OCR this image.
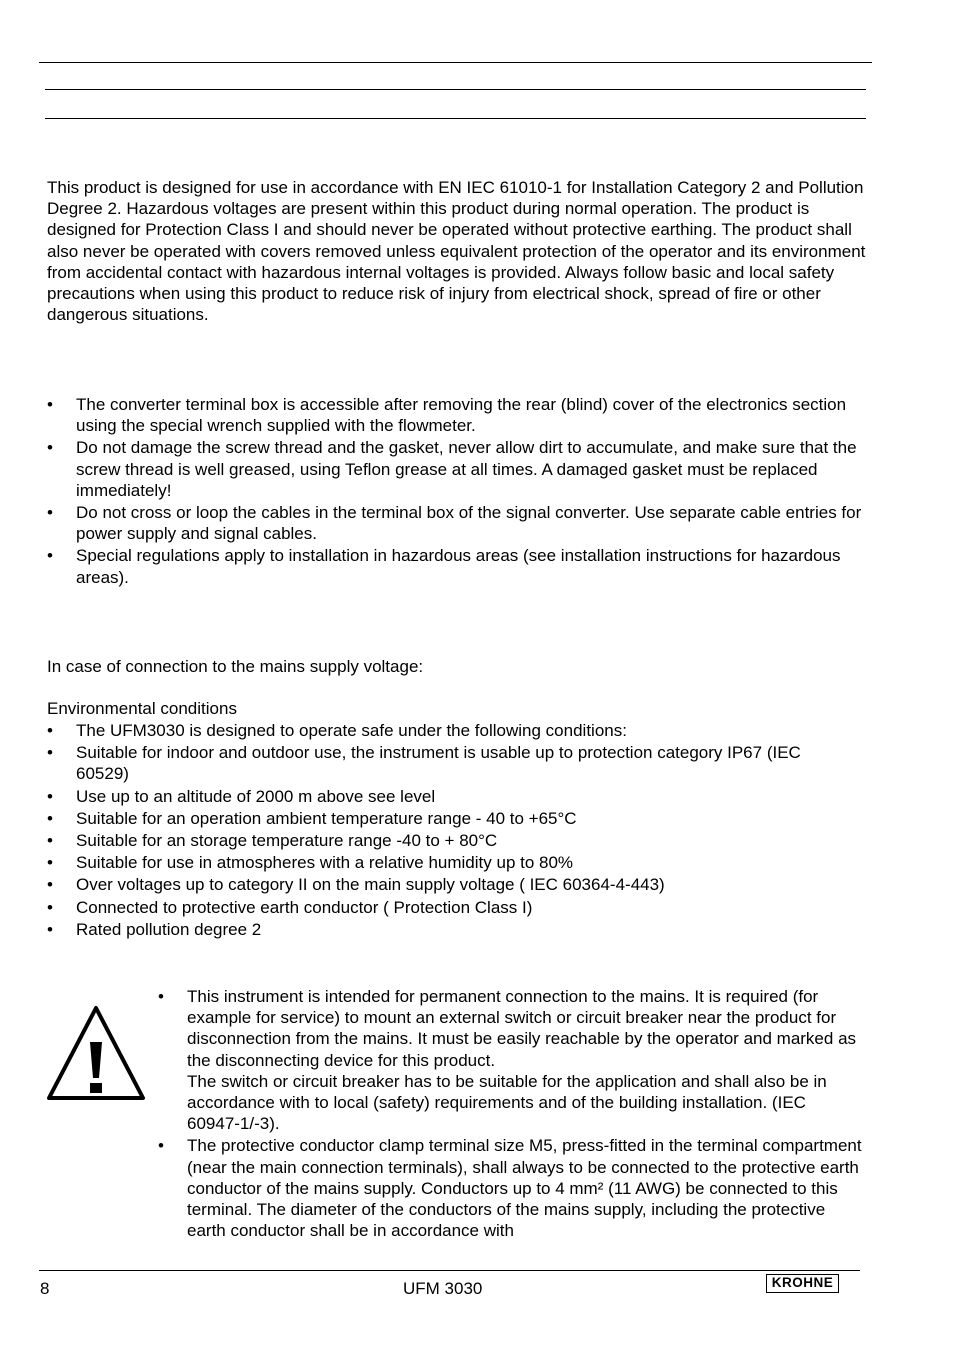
This product is designed for use in accordance with EN IEC 61010-1 for Installation Category 2 and Pollution Degree 2. Hazardous voltages are present within this product during normal operation. The product is designed for Protection Class I and should never be operated without protective earthing. The product shall also never be operated with covers removed unless equivalent protection of the operator and its environment from accidental contact with hazardous internal voltages is provided. Always follow basic and local safety precautions when using this product to reduce risk of injury from electrical shock, spread of fire or other dangerous situations.

• The converter terminal box is accessible after removing the rear (blind) cover of the electronics section using the special wrench supplied with the flowmeter.
• Do not damage the screw thread and the gasket, never allow dirt to accumulate, and make sure that the screw thread is well greased, using Teflon grease at all times. A damaged gasket must be replaced immediately!
• Do not cross or loop the cables in the terminal box of the signal converter. Use separate cable entries for power supply and signal cables.
• Special regulations apply to installation in hazardous areas (see installation instructions for hazardous areas).

In case of connection to the mains supply voltage:

Environmental conditions

• The UFM3030 is designed to operate safe under the following conditions:
• Suitable for indoor and outdoor use, the instrument is usable up to protection category IP67 (IEC 60529)
• Use up to an altitude of 2000 m above see level
• Suitable for an operation ambient temperature range - 40 to +65°C
• Suitable for an storage temperature range -40 to + 80°C
• Suitable for use in atmospheres with a relative humidity up to 80%
• Over voltages up to category II on the main supply voltage ( IEC 60364-4-443)
• Connected to protective earth conductor ( Protection Class I)
• Rated pollution degree 2
• This instrument is intended for permanent connection to the mains. It is required (for example for service) to mount an external switch or circuit breaker near the product for disconnection from the mains. It must be easily reachable by the operator and marked as the disconnecting device for this product.
The switch or circuit breaker has to be suitable for the application and shall also be in accordance with to local (safety) requirements and of the building installation. (IEC 60947-1/-3).
• The protective conductor clamp terminal size M5, press-fitted in the terminal compartment (near the main connection terminals), shall always to be connected to the protective earth conductor of the mains supply. Conductors up to 4 mm² (11 AWG) be connected to this terminal. The diameter of the conductors of the mains supply, including the protective earth conductor shall be in accordance with
8	UFM 3030	KROHNE
